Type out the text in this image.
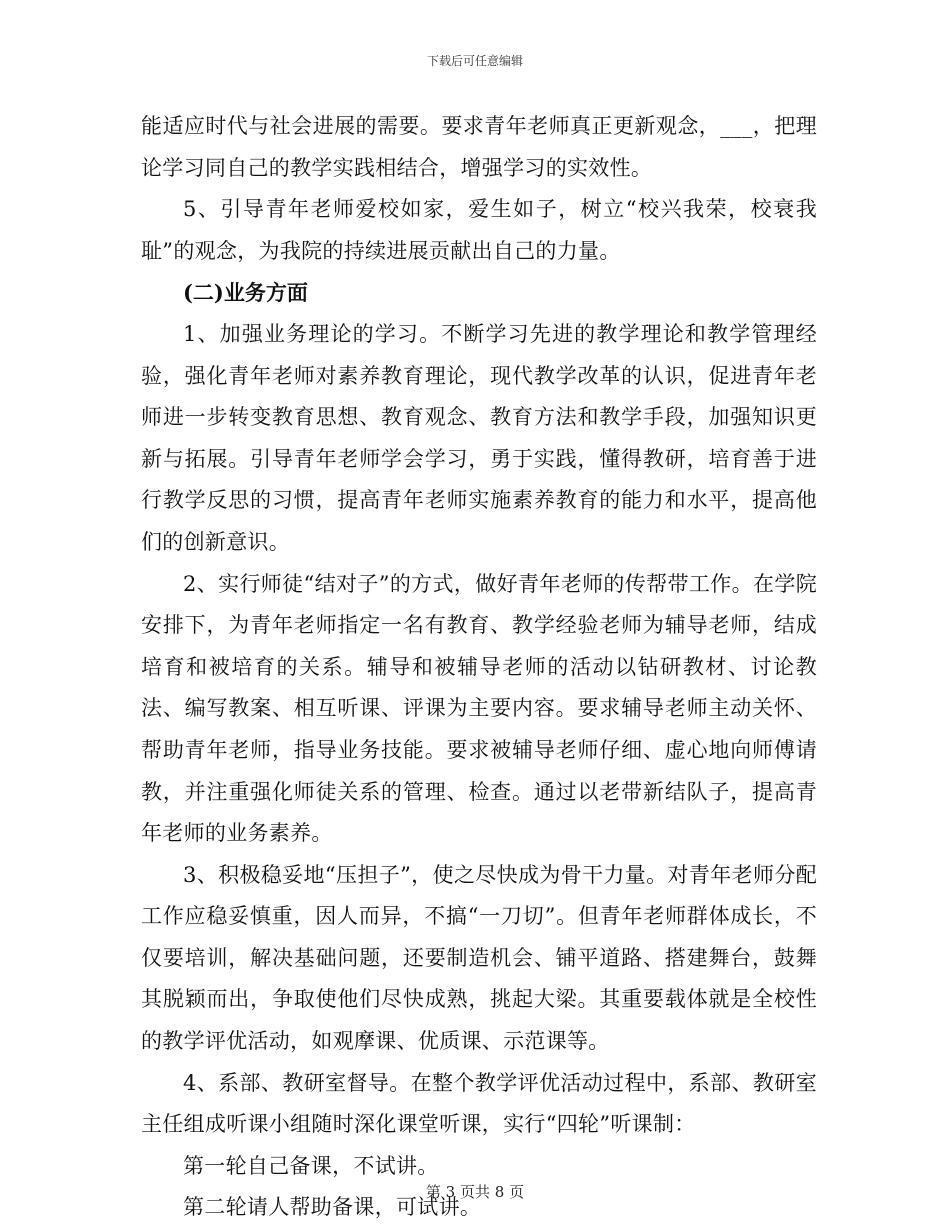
下载后可任意编辑

能适应时代与社会进展的需要。要求青年老师真正更新观念，___，把理论学习同自己的教学实践相结合，增强学习的实效性。

5、引导青年老师爱校如家，爱生如子，树立“校兴我荣，校衰我耻”的观念，为我院的持续进展贡献出自己的力量。

(二)业务方面

1、加强业务理论的学习。不断学习先进的教学理论和教学管理经验，强化青年老师对素养教育理论，现代教学改革的认识，促进青年老师进一步转变教育思想、教育观念、教育方法和教学手段，加强知识更新与拓展。引导青年老师学会学习，勇于实践，懂得教研，培育善于进行教学反思的习惯，提高青年老师实施素养教育的能力和水平，提高他们的创新意识。

2、实行师徒“结对子”的方式，做好青年老师的传帮带工作。在学院安排下，为青年老师指定一名有教育、教学经验老师为辅导老师，结成培育和被培育的关系。辅导和被辅导老师的活动以钻研教材、讨论教法、编写教案、相互听课、评课为主要内容。要求辅导老师主动关怀、帮助青年老师，指导业务技能。要求被辅导老师仔细、虚心地向师傅请教，并注重强化师徒关系的管理、检查。通过以老带新结队子，提高青年老师的业务素养。

3、积极稳妥地“压担子”，使之尽快成为骨干力量。对青年老师分配工作应稳妥慎重，因人而异，不搞“一刀切”。但青年老师群体成长，不仅要培训，解决基础问题，还要制造机会、铺平道路、搭建舞台，鼓舞其脱颖而出，争取使他们尽快成熟，挑起大梁。其重要载体就是全校性的教学评优活动，如观摩课、优质课、示范课等。

4、系部、教研室督导。在整个教学评优活动过程中，系部、教研室主任组成听课小组随时深化课堂听课，实行“四轮”听课制：

第一轮自己备课，不试讲。

第二轮请人帮助备课，可试讲。

第 3 页共 8 页
